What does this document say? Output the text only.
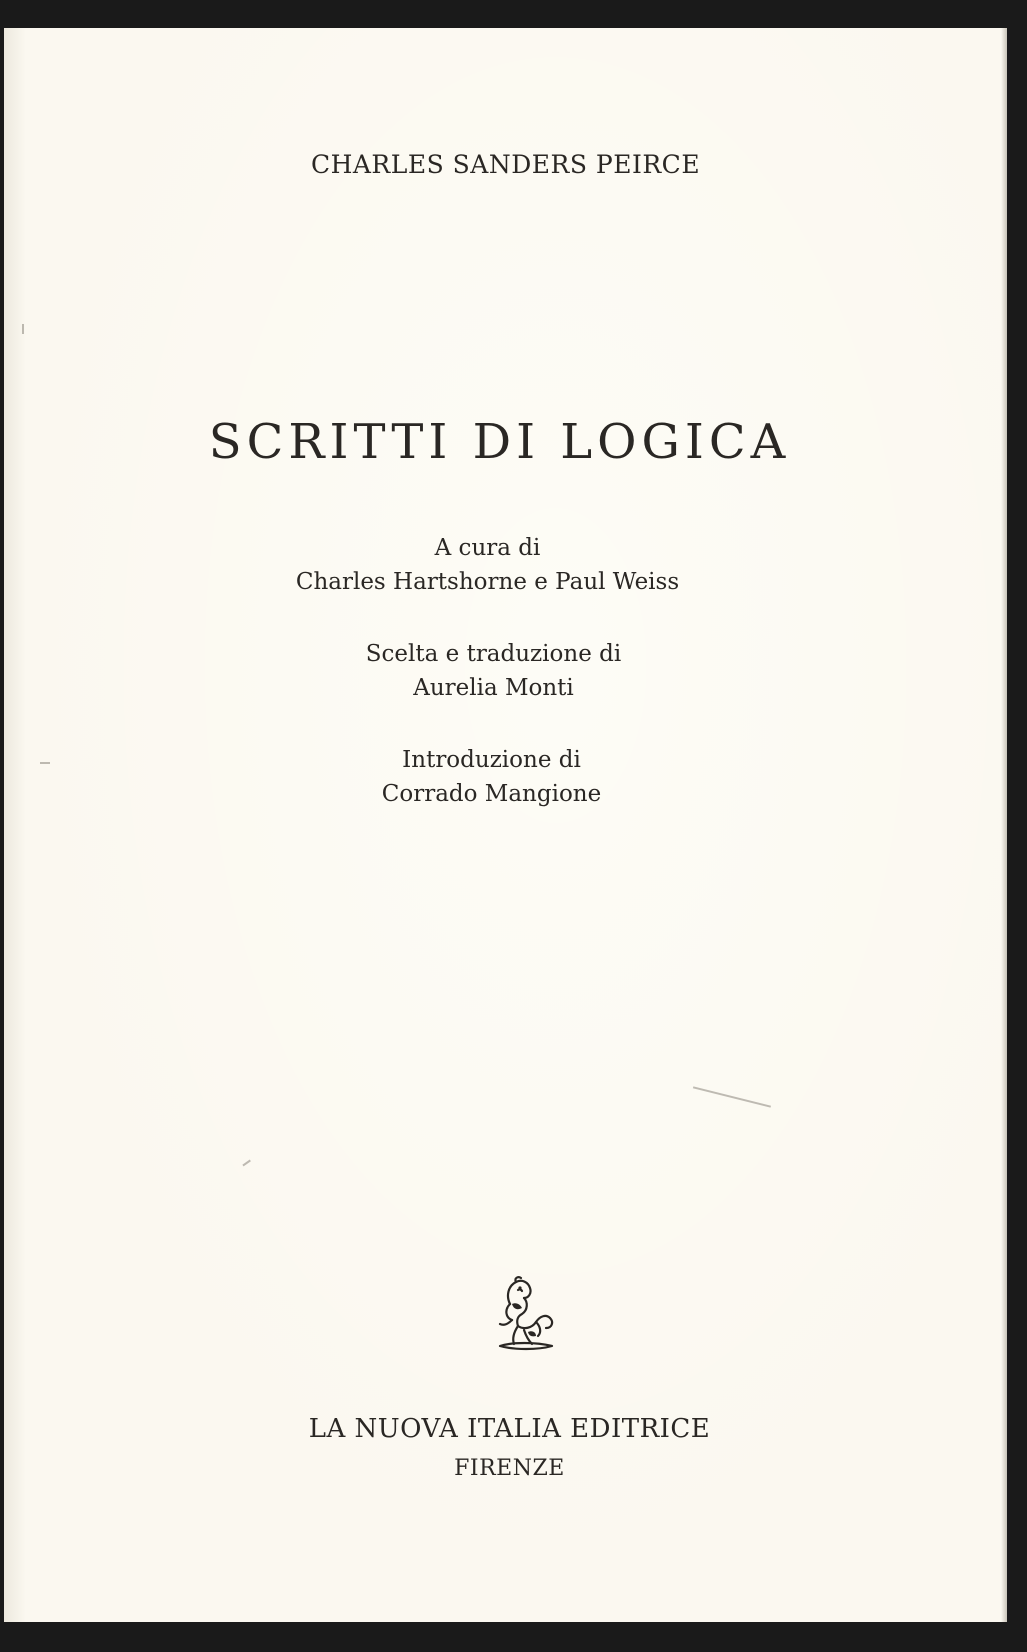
CHARLES SANDERS PEIRCE
SCRITTI DI LOGICA
A cura di
Charles Hartshorne e Paul Weiss
Scelta e traduzione di
Aurelia Monti
Introduzione di
Corrado Mangione
LA NUOVA ITALIA EDITRICE
FIRENZE
